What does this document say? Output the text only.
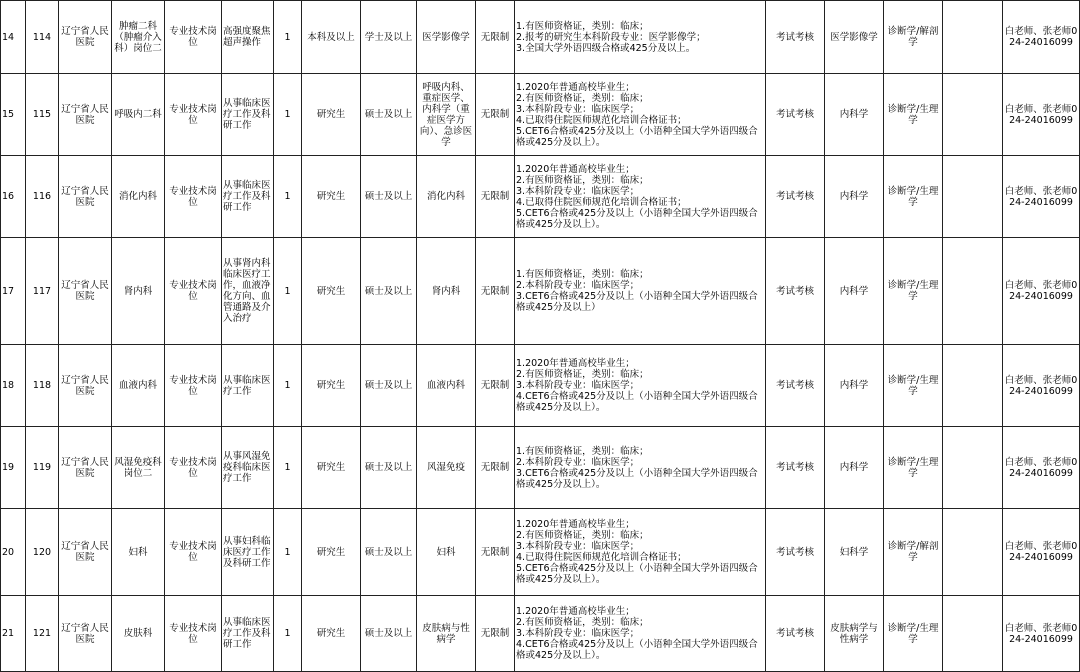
14	114	辽宁省人民医院	肿瘤二科（肿瘤介入科）岗位二	专业技术岗位	高强度聚焦超声操作	1	本科及以上	学士及以上	医学影像学	无限制	1.有医师资格证，类别：临床；
2.报考的研究生本科阶段专业：医学影像学；
3.全国大学外语四级合格或425分及以上。	考试考核	医学影像学	诊断学/解剖学		白老师、张老师024-24016099
15	115	辽宁省人民医院	呼吸内二科	专业技术岗位	从事临床医疗工作及科研工作	1	研究生	硕士及以上	呼吸内科、重症医学、内科学（重症医学方向）、急诊医学	无限制	1.2020年普通高校毕业生；
2.有医师资格证，类别：临床；
3.本科阶段专业：临床医学；
4.已取得住院医师规范化培训合格证书；
5.CET6合格或425分及以上（小语种全国大学外语四级合格或425分及以上）。	考试考核	内科学	诊断学/生理学		白老师、张老师024-24016099
16	116	辽宁省人民医院	消化内科	专业技术岗位	从事临床医疗工作及科研工作	1	研究生	硕士及以上	消化内科	无限制	1.2020年普通高校毕业生；
2.有医师资格证，类别：临床；
3.本科阶段专业：临床医学；
4.已取得住院医师规范化培训合格证书；
5.CET6合格或425分及以上（小语种全国大学外语四级合格或425分及以上）。	考试考核	内科学	诊断学/生理学		白老师、张老师024-24016099
17	117	辽宁省人民医院	肾内科	专业技术岗位	从事肾内科临床医疗工作，血液净化方向、血管通路及介入治疗	1	研究生	硕士及以上	肾内科	无限制	1.有医师资格证，类别：临床；
2.本科阶段专业：临床医学；
3.CET6合格或425分及以上（小语种全国大学外语四级合格或425分及以上）	考试考核	内科学	诊断学/生理学		白老师、张老师024-24016099
18	118	辽宁省人民医院	血液内科	专业技术岗位	从事临床医疗工作	1	研究生	硕士及以上	血液内科	无限制	1.2020年普通高校毕业生；
2.有医师资格证，类别：临床；
3.本科阶段专业：临床医学；
4.CET6合格或425分及以上（小语种全国大学外语四级合格或425分及以上）。	考试考核	内科学	诊断学/生理学		白老师、张老师024-24016099
19	119	辽宁省人民医院	风湿免疫科岗位二	专业技术岗位	从事风湿免疫科临床医疗工作	1	研究生	硕士及以上	风湿免疫	无限制	1.有医师资格证，类别：临床；
2.本科阶段专业：临床医学；
3.CET6合格或425分及以上（小语种全国大学外语四级合格或425分及以上）。	考试考核	内科学	诊断学/生理学		白老师、张老师024-24016099
20	120	辽宁省人民医院	妇科	专业技术岗位	从事妇科临床医疗工作及科研工作	1	研究生	硕士及以上	妇科	无限制	1.2020年普通高校毕业生；
2.有医师资格证，类别：临床；
3.本科阶段专业：临床医学；
4.已取得住院医师规范化培训合格证书；
5.CET6合格或425分及以上（小语种全国大学外语四级合格或425分及以上）。	考试考核	妇科学	诊断学/解剖学		白老师、张老师024-24016099
21	121	辽宁省人民医院	皮肤科	专业技术岗位	从事临床医疗工作及科研工作	1	研究生	硕士及以上	皮肤病与性病学	无限制	1.2020年普通高校毕业生；
2.有医师资格证，类别：临床；
3.本科阶段专业：临床医学；
4.CET6合格或425分及以上（小语种全国大学外语四级合格或425分及以上）。	考试考核	皮肤病学与性病学	诊断学/生理学		白老师、张老师024-24016099
